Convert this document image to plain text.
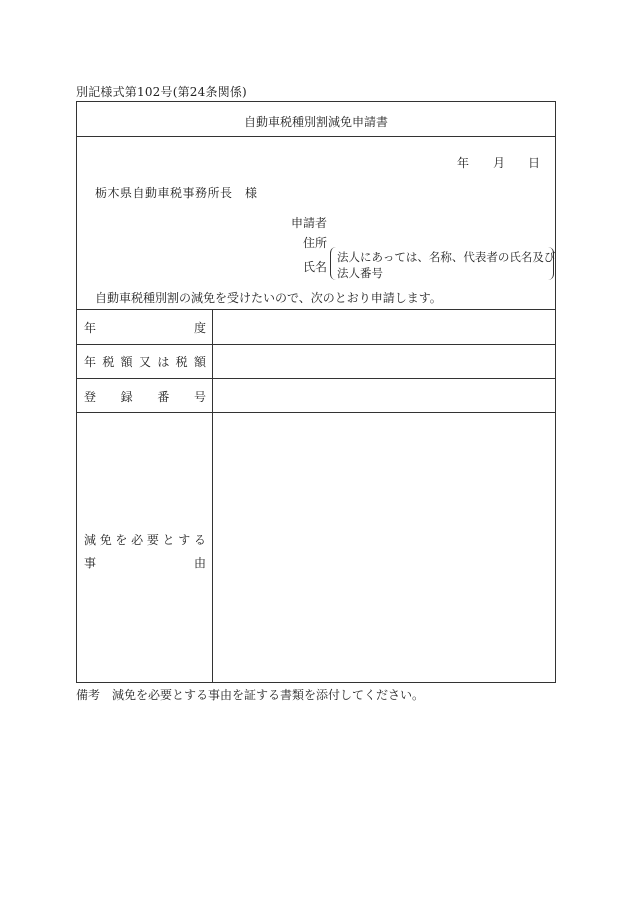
別記様式第102号(第24条関係)
自動車税種別割減免申請書
年 月 日
栃木県自動車税事務所長　様
申請者
住所
氏名
法人にあっては、名称、代表者の氏名及び法人番号
自動車税種別割の減免を受けたいので、次のとおり申請します。
年	度
年 税 額 又 は 税 額
登 録 番 号
減 免 を 必 要 と す る
事	由
備考　減免を必要とする事由を証する書類を添付してください。
